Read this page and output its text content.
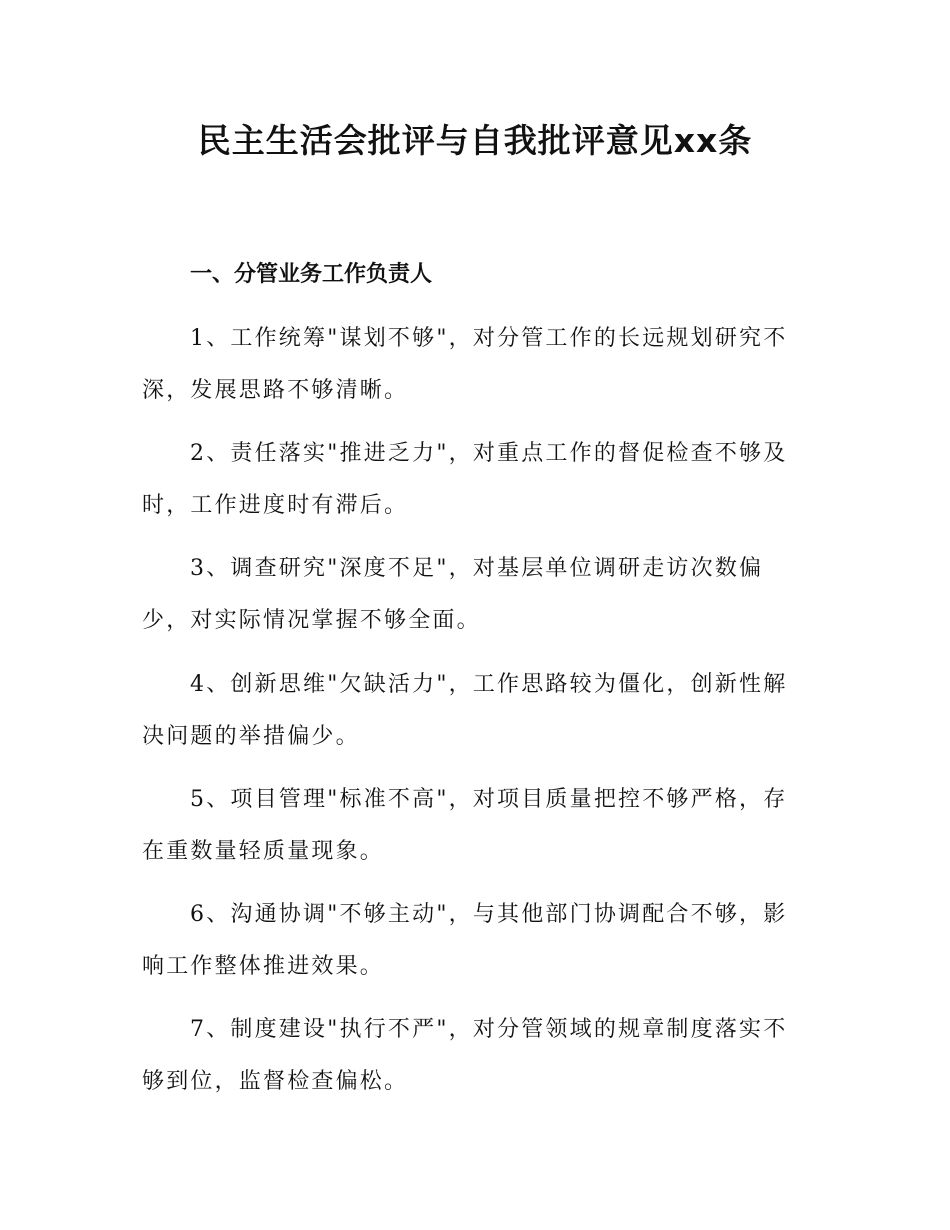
民主生活会批评与自我批评意见xx条
一、分管业务工作负责人

1、工作统筹"谋划不够"，对分管工作的长远规划研究不深，发展思路不够清晰。

2、责任落实"推进乏力"，对重点工作的督促检查不够及时，工作进度时有滞后。

3、调查研究"深度不足"，对基层单位调研走访次数偏少，对实际情况掌握不够全面。

4、创新思维"欠缺活力"，工作思路较为僵化，创新性解决问题的举措偏少。

5、项目管理"标准不高"，对项目质量把控不够严格，存在重数量轻质量现象。

6、沟通协调"不够主动"，与其他部门协调配合不够，影响工作整体推进效果。

7、制度建设"执行不严"，对分管领域的规章制度落实不够到位，监督检查偏松。
